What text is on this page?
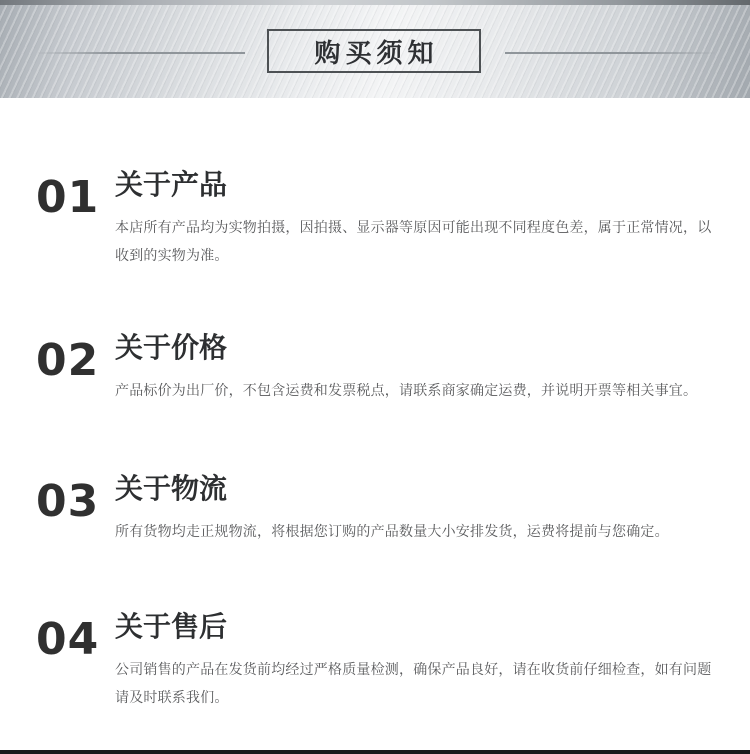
购买须知
01 关于产品
本店所有产品均为实物拍摄，因拍摄、显示器等原因可能出现不同程度色差，属于正常情况，以收到的实物为准。
02 关于价格
产品标价为出厂价，不包含运费和发票税点，请联系商家确定运费，并说明开票等相关事宜。
03 关于物流
所有货物均走正规物流，将根据您订购的产品数量大小安排发货，运费将提前与您确定。
04 关于售后
公司销售的产品在发货前均经过严格质量检测，确保产品良好，请在收货前仔细检查，如有问题请及时联系我们。
